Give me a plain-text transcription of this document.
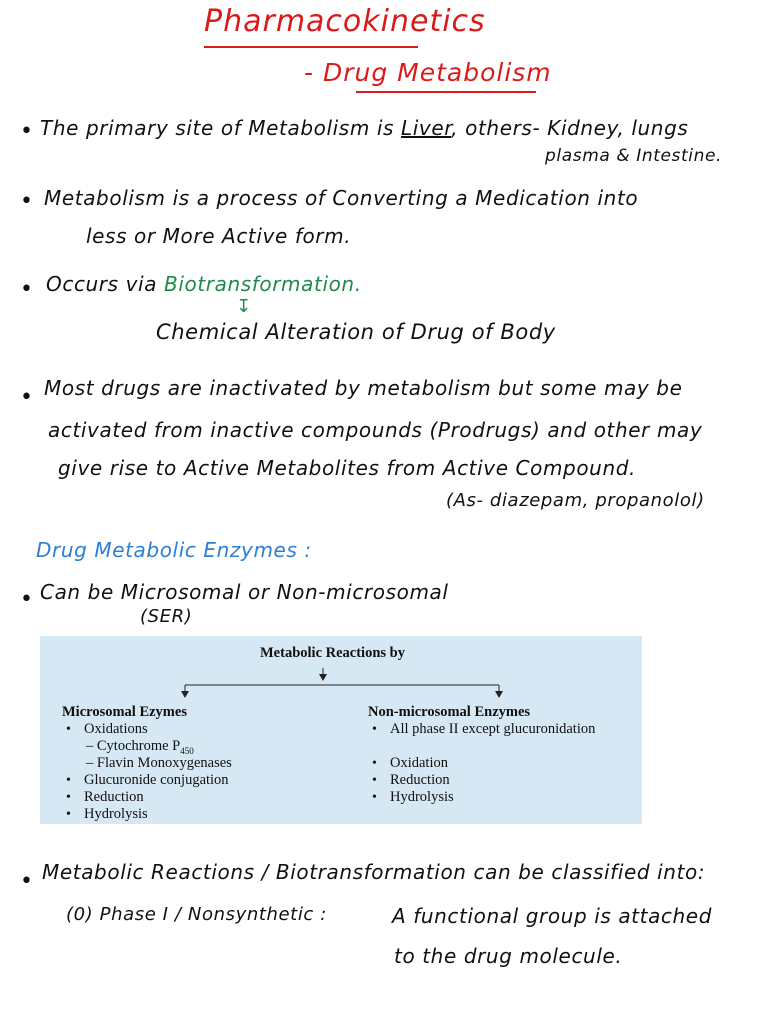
Pharmacokinetics
- Drug Metabolism
• The primary site of Metabolism is Liver, others- Kidney, lungs
plasma & Intestine.
• Metabolism is a process of Converting a Medication into
less or More Active form.
• Occurs via Biotransformation.
↧
Chemical Alteration of Drug of Body
• Most drugs are inactivated by metabolism but some may be
activated from inactive compounds (Prodrugs) and other may
give rise to Active Metabolites from Active Compound.
(As- diazepam, propanolol)
Drug Metabolic Enzymes :
• Can be Microsomal or Non-microsomal
(SER)
Metabolic Reactions by
Microsomal Ezymes
• Oxidations
– Cytochrome $P_{450}$
– Flavin Monoxygenases
• Glucuronide conjugation
• Reduction
• Hydrolysis
Non-microsomal Enzymes
• All phase II except glucuronidation
• Oxidation
• Reduction
• Hydrolysis
• Metabolic Reactions / Biotransformation can be classified into:
(0) Phase I / Nonsynthetic :	A functional group is attached
to the drug molecule.
